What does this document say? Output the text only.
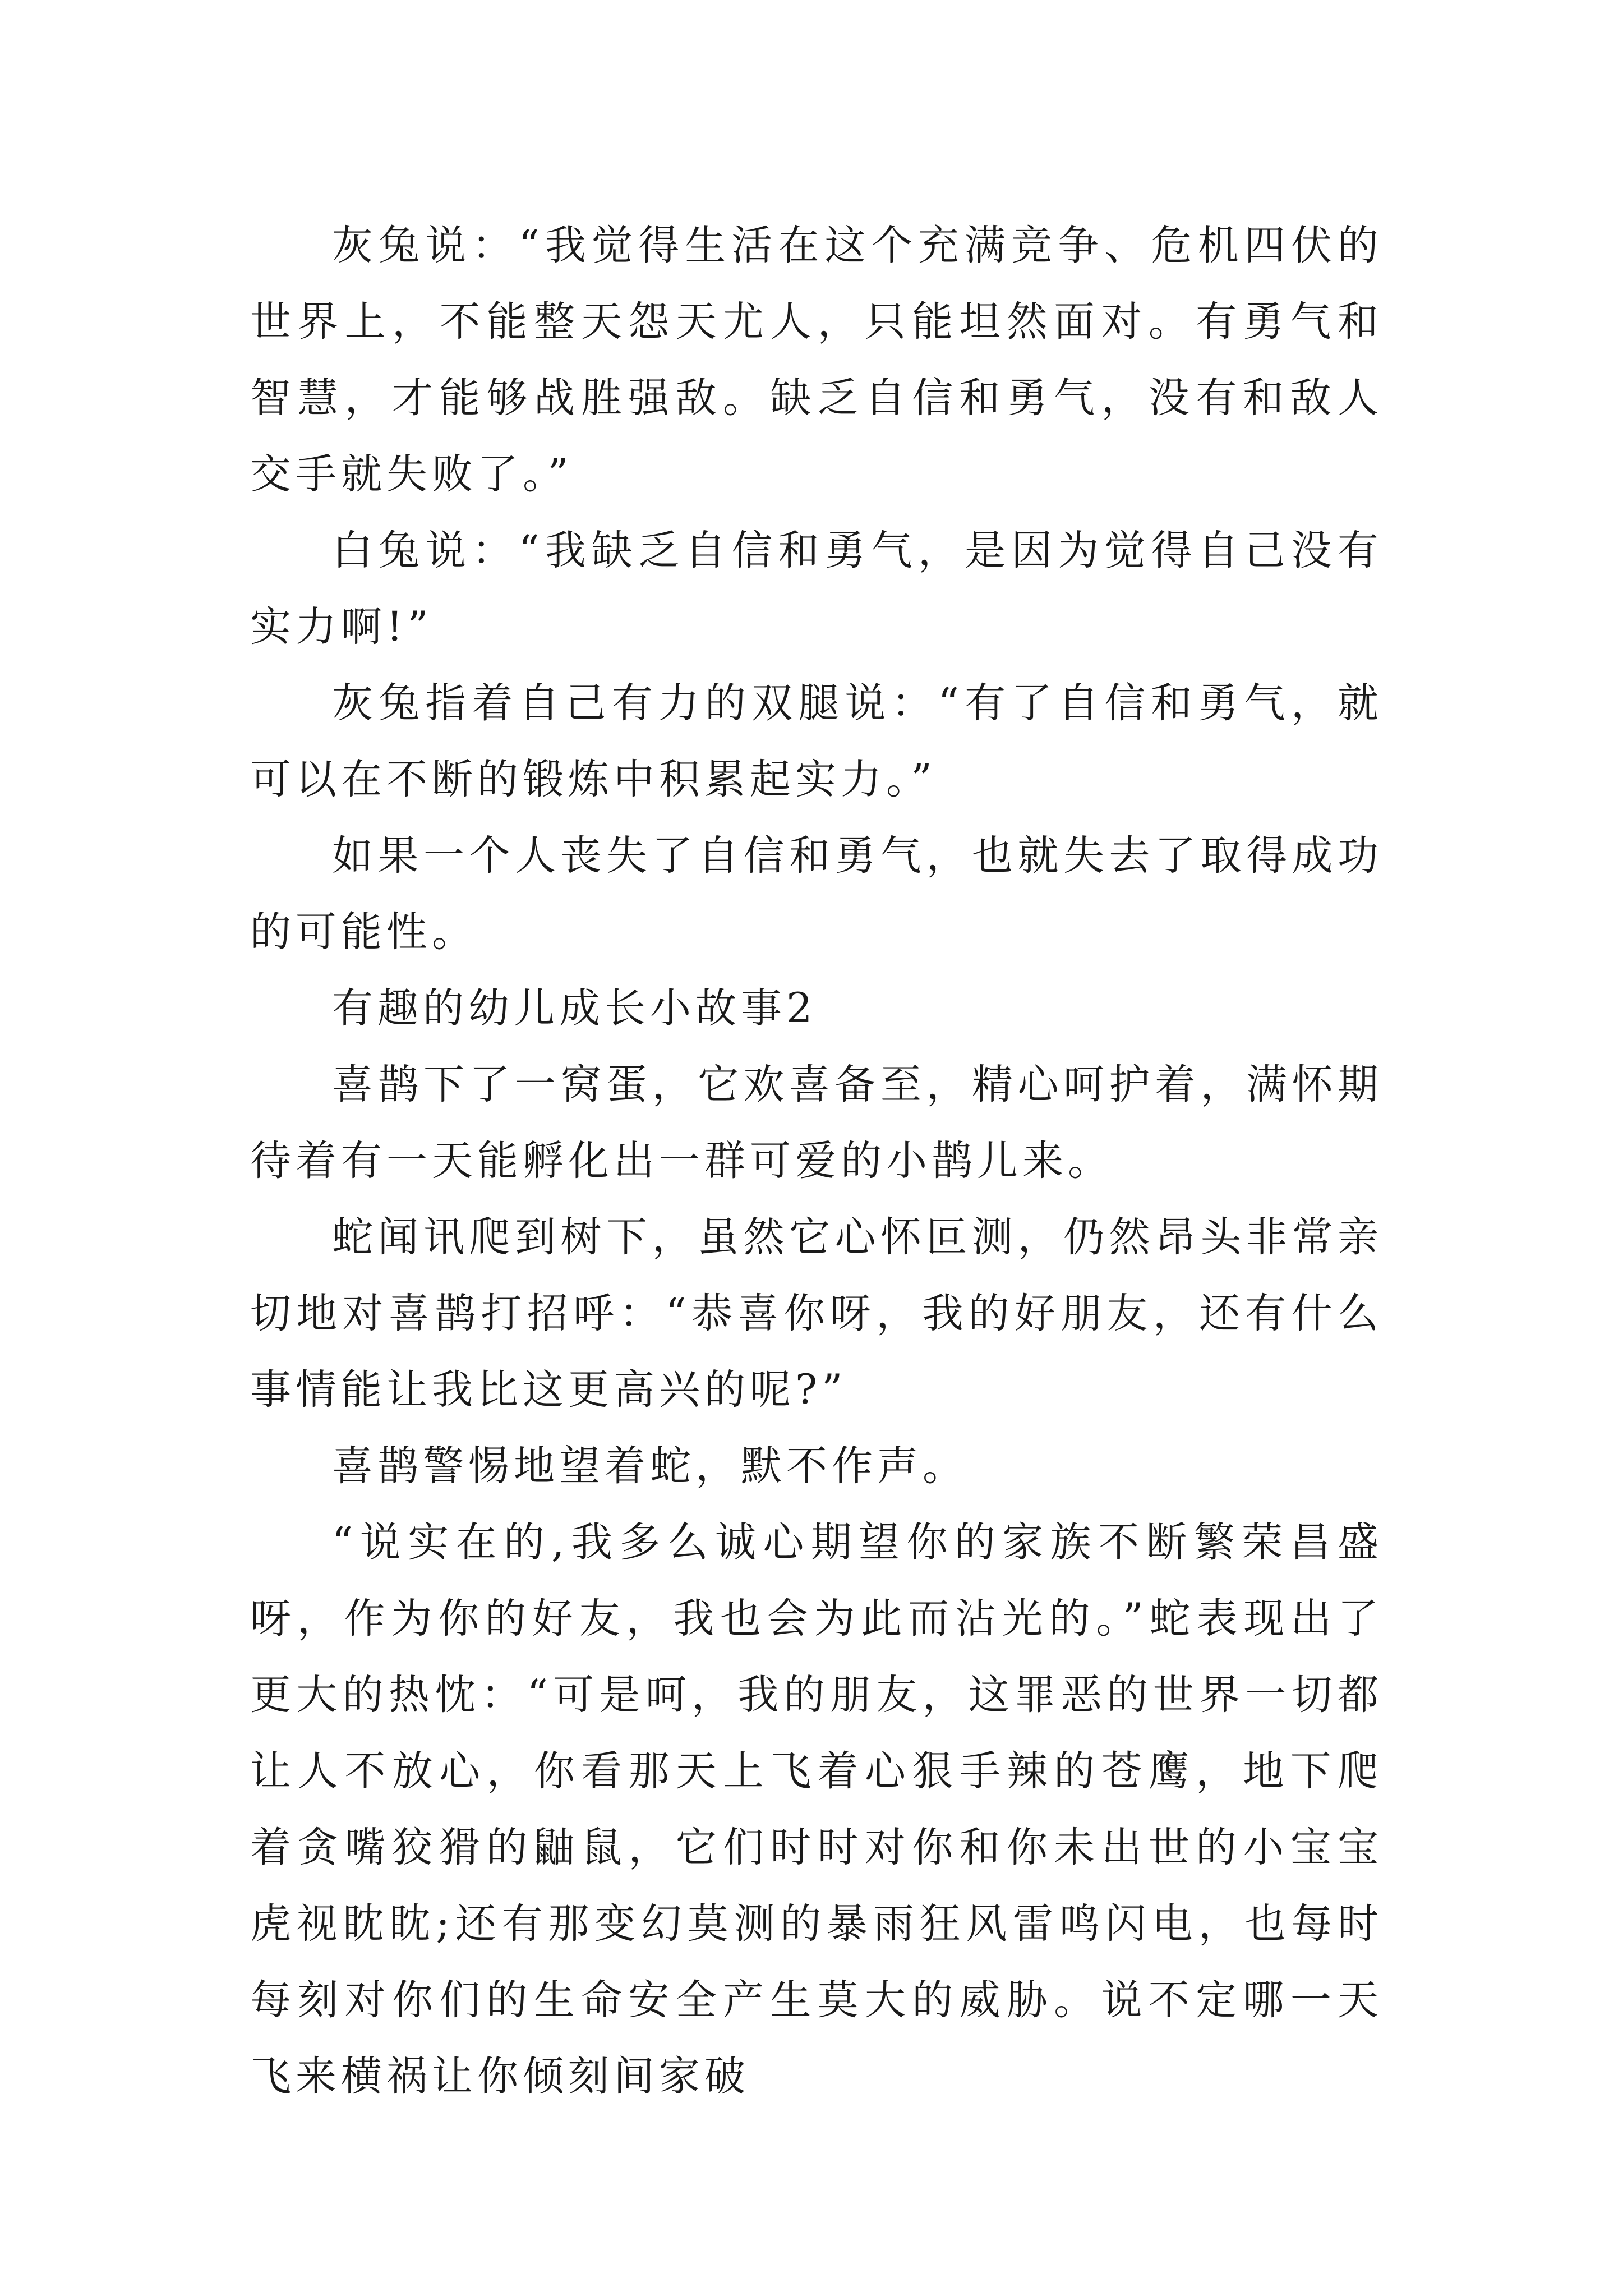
灰兔说：“我觉得生活在这个充满竞争、危机四伏的世界上，不能整天怨天尤人，只能坦然面对。有勇气和智慧，才能够战胜强敌。缺乏自信和勇气，没有和敌人交手就失败了。”

白兔说：“我缺乏自信和勇气，是因为觉得自己没有实力啊!”

灰兔指着自己有力的双腿说：“有了自信和勇气，就可以在不断的锻炼中积累起实力。”

如果一个人丧失了自信和勇气，也就失去了取得成功的可能性。

有趣的幼儿成长小故事2

喜鹊下了一窝蛋，它欢喜备至，精心呵护着，满怀期待着有一天能孵化出一群可爱的小鹊儿来。

蛇闻讯爬到树下，虽然它心怀叵测，仍然昂头非常亲切地对喜鹊打招呼：“恭喜你呀，我的好朋友，还有什么事情能让我比这更高兴的呢?”

喜鹊警惕地望着蛇，默不作声。

“说实在的,我多么诚心期望你的家族不断繁荣昌盛呀，作为你的好友，我也会为此而沾光的。”蛇表现出了更大的热忱：“可是呵，我的朋友，这罪恶的世界一切都让人不放心，你看那天上飞着心狠手辣的苍鹰，地下爬着贪嘴狡猾的鼬鼠，它们时时对你和你未出世的小宝宝虎视眈眈;还有那变幻莫测的暴雨狂风雷鸣闪电，也每时每刻对你们的生命安全产生莫大的威胁。说不定哪一天飞来横祸让你倾刻间家破
